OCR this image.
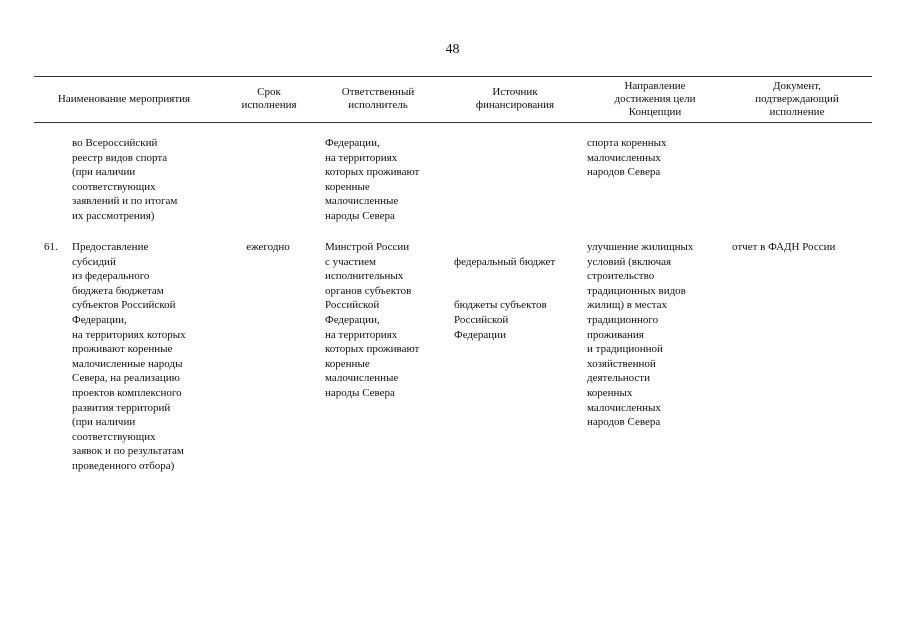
48
Наименование мероприятия
Срок
исполнения
Ответственный
исполнитель
Источник
финансирования
Направление
достижения цели
Концепции
Документ,
подтверждающий
исполнение
во Всероссийский
реестр видов спорта
(при наличии
соответствующих
заявлений и по итогам
их рассмотрения)
Федерации,
на территориях
которых проживают
коренные
малочисленные
народы Севера
спорта коренных
малочисленных
народов Севера
61.	Предоставление
субсидий
из федерального
бюджета бюджетам
субъектов Российской
Федерации,
на территориях которых
проживают коренные
малочисленные народы
Севера, на реализацию
проектов комплексного
развития территорий
(при наличии
соответствующих
заявок и по результатам
проведенного отбора)
ежегодно	Минстрой России
с участием
исполнительных
органов субъектов
Российской
Федерации,
на территориях
которых проживают
коренные
малочисленные
народы Севера

федеральный бюджет

бюджеты субъектов
Российской
Федерации

улучшение жилищных
условий (включая
строительство
традиционных видов
жилищ) в местах
традиционного
проживания
и традиционной
хозяйственной
деятельности
коренных
малочисленных
народов Севера
отчет в ФАДН России
